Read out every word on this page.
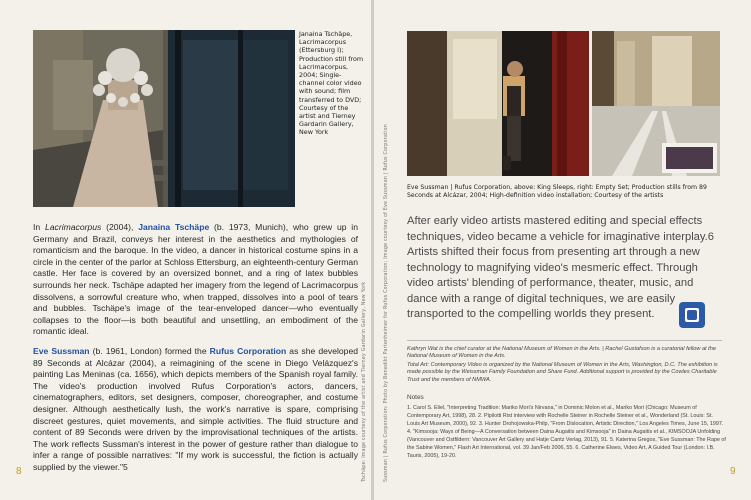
Janaina Tschäpe, Lacrimacorpus (Ettersburg I); Production still from Lacrimacorpus, 2004; Single-channel color video with sound; film transferred to DVD; Courtesy of the artist and Tierney Gardarin Gallery, New York
In Lacrimacorpus (2004), Janaina Tschäpe (b. 1973, Munich), who grew up in Germany and Brazil, conveys her interest in the aesthetics and mythologies of romanticism and the baroque. In the video, a dancer in historical costume spins in a circle in the center of the parlor at Schloss Ettersburg, an eighteenth-century German castle. Her face is covered by an oversized bonnet, and a ring of latex bubbles surrounds her neck. Tschäpe adapted her imagery from the legend of Lacrimacorpus dissolvens, a sorrowful creature who, when trapped, dissolves into a pool of tears and bubbles. Tschäpe's image of the tear-enveloped dancer—who eventually collapses to the floor—is both beautiful and unsettling, an embodiment of the romantic ideal.
Eve Sussman (b. 1961, London) formed the Rufus Corporation as she developed 89 Seconds at Alcázar (2004), a reimagining of the scene in Diego Velázquez's painting Las Meninas (ca. 1656), which depicts members of the Spanish royal family. The video's production involved Rufus Corporation's actors, dancers, cinematographers, editors, set designers, composer, choreographer, and costume designer. Although aesthetically lush, the work's narrative is spare, comprising discreet gestures, quiet movements, and simple activities. The fluid structure and content of 89 Seconds were driven by the improvisational techniques of the artists. The work reflects Sussman's interest in the power of gesture rather than dialogue to infer a range of possible narratives: "If my work is successful, the fiction is actually supplied by the viewer."5
8	Tschäpe: Image courtesy of the artist and Tierney Gardarin Gallery, New York	Sussman | Rufus Corporation: Photo by Benedikt Partenheimer for Rufus Corporation; Image courtesy of Eve Sussman | Rufus Corporation	Eve Sussman | Rufus Corporation, above: King Sleeps, right: Empty Set; Production stills from 89 Seconds at Alcázar, 2004; High-definition video installation; Courtesy of the artists
After early video artists mastered editing and special effects techniques, video became a vehicle for imaginative interplay.6 Artists shifted their focus from presenting art through a new technology to magnifying video's mesmeric effect. Through video artists' blending of performance, theater, music, and dance with a range of digital techniques, we are easily transported to the compelling worlds they present.
Kathryn Wat is the chief curator at the National Museum of Women in the Arts. | Rachel Gustafson is a curatorial fellow at the National Museum of Women in the Arts.
Total Art: Contemporary Video is organized by the National Museum of Women in the Arts, Washington, D.C. The exhibition is made possible by the Weissman Family Foundation and Share Fund. Additional support is provided by the Cowles Charitable Trust and the members of NMWA.
Notes
1. Carol S. Eliel, "Interpreting Tradition: Mariko Mori's Nirvana," in Dominic Molon et al., Mariko Mori (Chicago: Museum of Contemporary Art, 1998), 28. 2. Pipilotti Rist interview with Rochelle Steiner in Rochelle Steiner et al., Wonderland (St. Louis: St. Louis Art Museum, 2000), 92. 3. Hunter Drohojowska-Philp, "From Dislocation, Artistic Direction," Los Angeles Times, June 15, 1997. 4. "Kimsooja: Ways of Being—A Conversation between Daina Augaitis and Kimsooja" in Daina Augaitis et al., KIMSOOJA Unfolding (Vancouver and Ostfildern: Vancouver Art Gallery and Hatje Cantz Verlag, 2013), 91. 5. Katerina Gregos, "Eve Sussman: The Rape of the Sabine Women," Flash Art International, vol. 39 Jan/Feb 2006, 55. 6. Catherine Elwes, Video Art, A Guided Tour (London: I.B. Tauris, 2005), 19-20.
9
